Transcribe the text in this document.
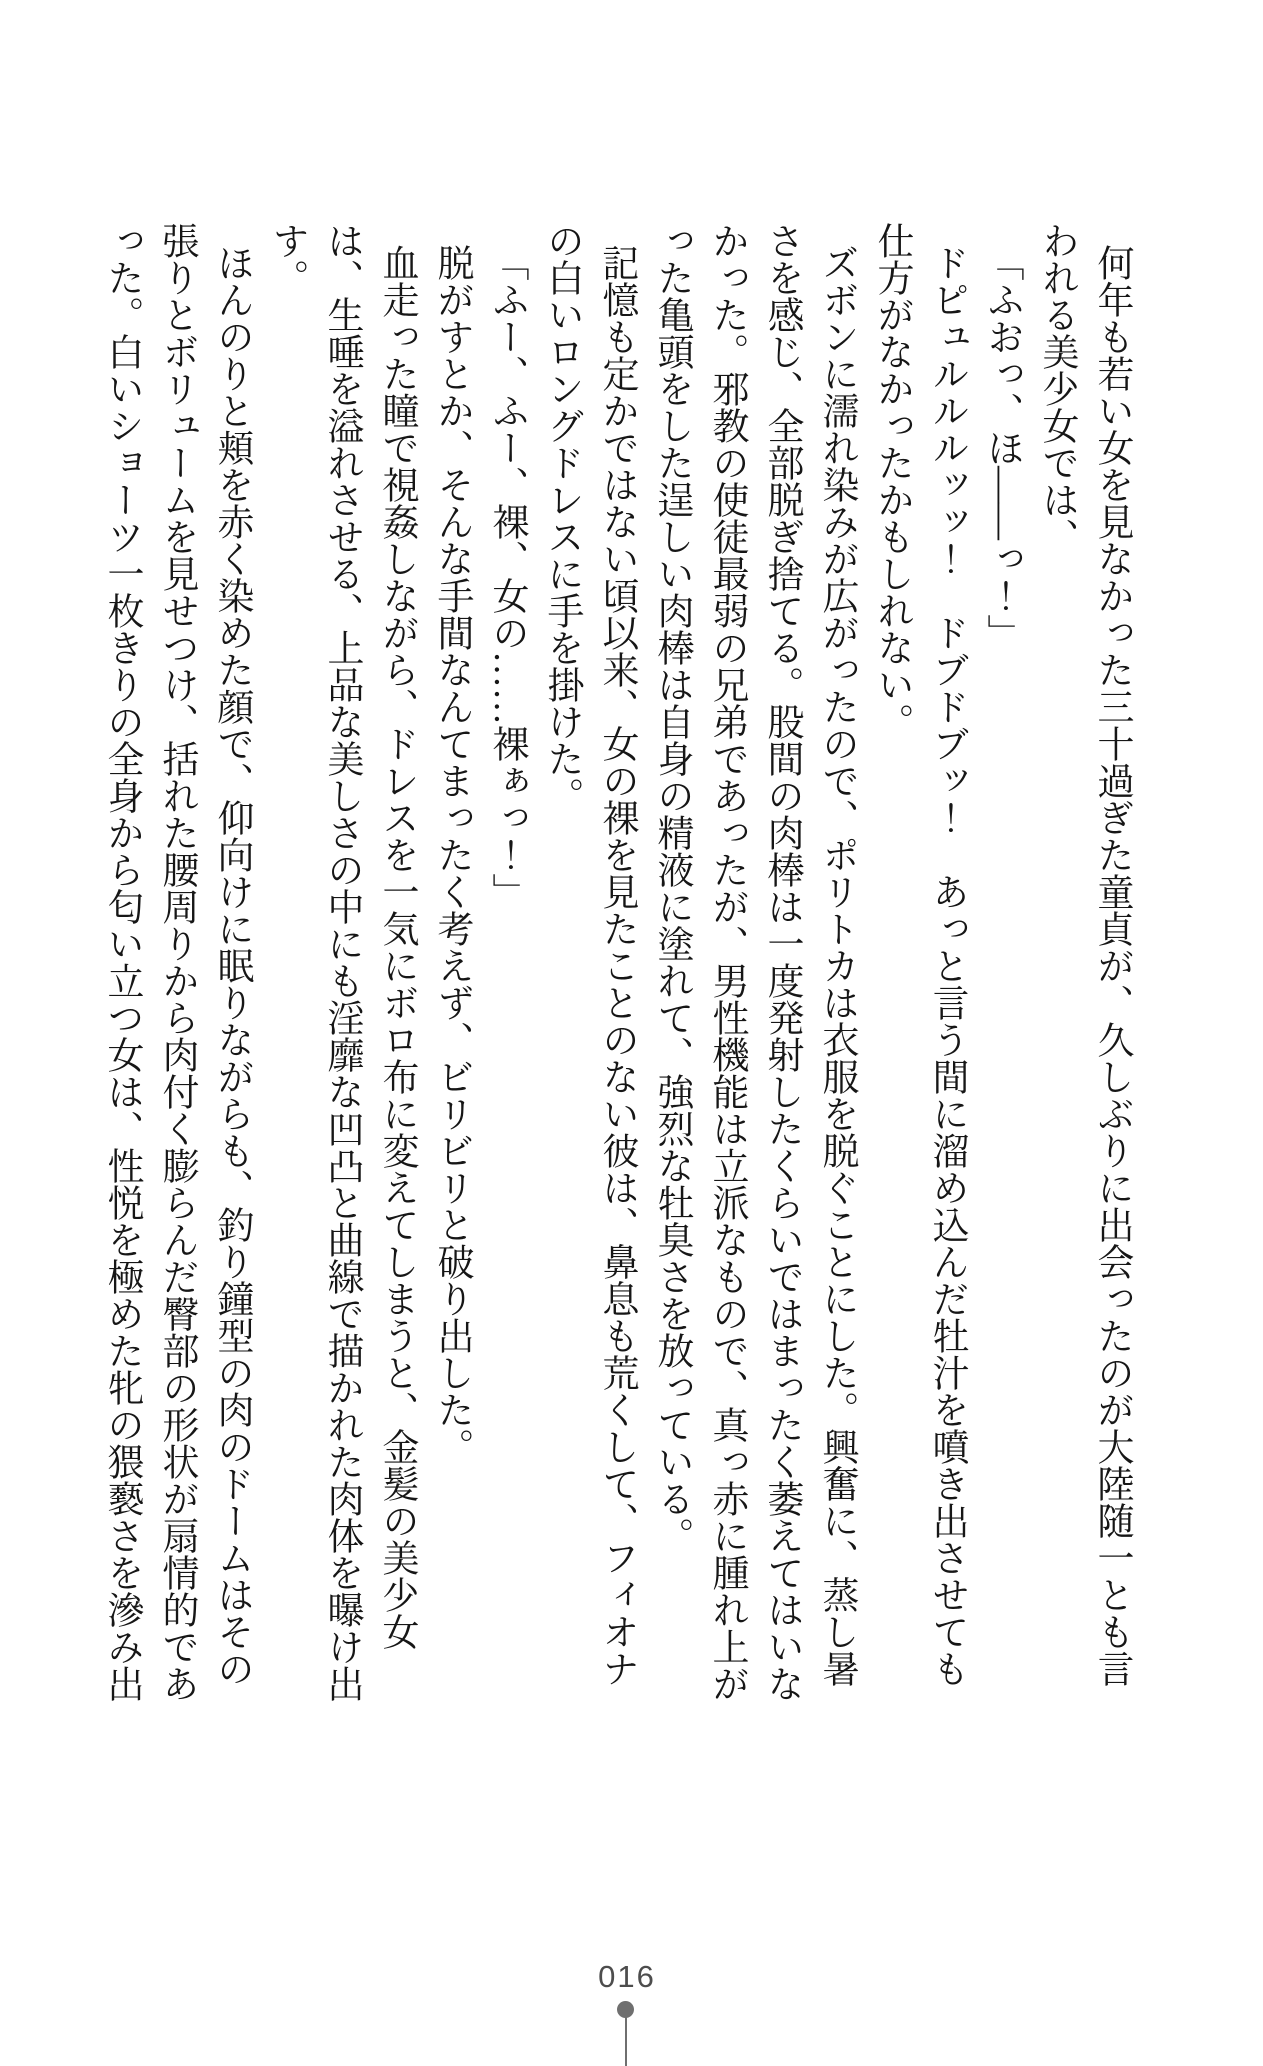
何年も若い女を見なかった三十過ぎた童貞が、久しぶりに出会ったのが大陸随一とも言われる美少女では、

「ふおっ、ほ――っ！」

ドピュルルルッッ！　ドブドブッ！　あっと言う間に溜め込んだ牡汁を噴き出させても仕方がなかったかもしれない。

ズボンに濡れ染みが広がったので、ポリトカは衣服を脱ぐことにした。興奮に、蒸し暑さを感じ、全部脱ぎ捨てる。股間の肉棒は一度発射したくらいではまったく萎えてはいなかった。邪教の使徒最弱の兄弟であったが、男性機能は立派なもので、真っ赤に腫れ上がった亀頭をした逞しい肉棒は自身の精液に塗れて、強烈な牡臭さを放っている。

記憶も定かではない頃以来、女の裸を見たことのない彼は、鼻息も荒くして、フィオナの白いロングドレスに手を掛けた。

「ふー、ふー、裸、女の……裸ぁっ！」

脱がすとか、そんな手間なんてまったく考えず、ビリビリと破り出した。

血走った瞳で視姦しながら、ドレスを一気にボロ布に変えてしまうと、金髪の美少女は、生唾を溢れさせる、上品な美しさの中にも淫靡な凹凸と曲線で描かれた肉体を曝け出す。

ほんのりと頬を赤く染めた顔で、仰向けに眠りながらも、釣り鐘型の肉のドームはその張りとボリュームを見せつけ、括れた腰周りから肉付く膨らんだ臀部の形状が扇情的であった。白いショーツ一枚きりの全身から匂い立つ女は、性悦を極めた牝の猥褻さを滲み出

016
